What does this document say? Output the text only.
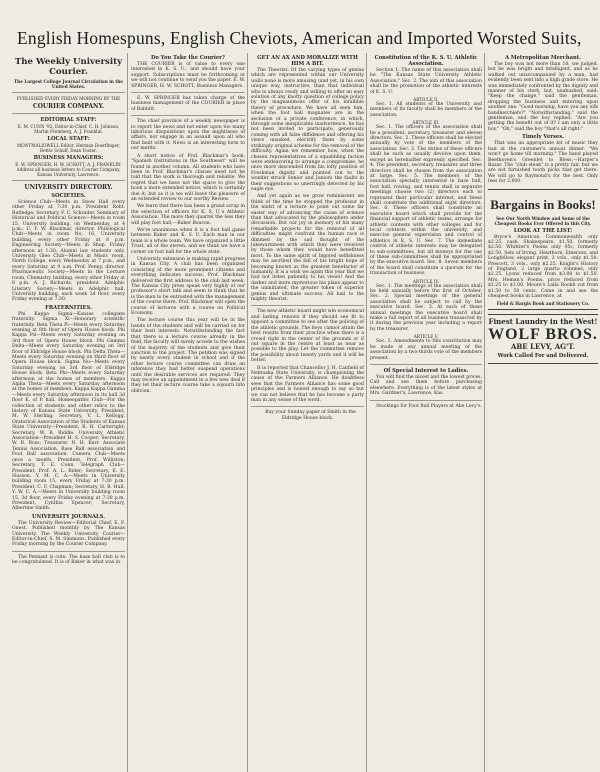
English Homespuns, English Cheviots, American and Imported Worsted Suits,
The Weekly University Courier.
The Largest College Journal Circulation in the United States.
PUBLISHED EVERY FRIDAY MORNING BY THE
COURIER COMPANY.
EDITORIAL STAFF:
E. M. CUNN '92, Editor-in-Chief. C. H. Johnson, Martin Fremberg, A. J. Franklin.
LOCAL STAFF:
MONTMALIOWELL Editor. Herman Doerflinger, Bettie Schuff, Dean Foster.
BUSINESS MANAGERS:
E. W. SPRINGER, H. W. SCHOTT, A. J. FRANKLIN.
Address all business letters to Courier Company, Kansas University, Lawrence.
UNIVERSITY DIRECTORY.
SOCIETIES.

Science Club—Meets in Snow Hall every other Friday at 7:30 p.m. President Robt. Rutledge; Secretary, F. C. Schrader. Seminary of Historical and Political Science—Meets in room 15, University building, on Wednesday, at 4 p.m.; C. F. W. Blackmar, director. Philological Club—Meets in room No. 16, University building, every other Friday at 8 p.m. Engineering Society—Meets in Shop. Friday afternoon at 1:30, Alumni law students only. University Glee Club—Meets in Music room, North College, every Wednesday at 7 p.m., and every Saturday at 9 a.m. Prof. Penny, director. Pharmaceutic Society—Meets in the Lecture room, Chemistry building, every other Friday at 8 p.m. A. J. Richards, president. Adelphic Literary Society—Meets in Adelphic hall, University building, each week 3d floor, every Friday evening at 7:30.

FRATERNITIES.

Phi Kappa Sigma—Kansas collegiate fraternity. Sigma Xi—Honorary scientific fraternity. Beta Theta Pi—Meets every Saturday evening at 8th floor of Opera House block. Phi Kappa Psi—Meets every Saturday evening on 3rd floor of Opera House block. Phi Gamma Delta—Meets every Saturday evening on 3rd floor of Eldridge House block. Phi Delta Theta—Meets every Saturday evening on third floor of Opera House block. Sigma Nu—Meets every Saturday evening on 3rd floor of Eldridge House block. Beta Phi—Meets every Saturday afternoon at the homes of members. Kappa Alpha Theta—Meets every Saturday afternoon at the homes of members. Kappa Kappa Gamma—Meets every Saturday afternoon in its hall 3d floor K. of P. hall. Homeopathic Club—For the collection of students and other relics to the history of Kansas State University. President, M. W. Sterling; Secretary, V. L. Kellogg. Oratorical Association of the Students of Kansas State University—President, R. H. Cartwright; Secretary, W. B. Biddle. University Athletic Association—President H. S. Cooper; Secretary, W. B. Ross; Treasurer, N. H. Kerr. Associate Tennis Association, Base Ball association and Foot Ball association. Camera Club—Meets once a month. President, Prof. Williston; Secretary, T. E. Conn. Telegraph Club—President, Prof. A. L. Rider; Secretary, E. E. Slosson. Y. M. C. A.—Meets in University building room 15, every Friday at 7:30 p.m. President, C. F. Chapman; Secretary, H. B. Hull. Y. W. C. A.—Meets in University building room 15, 3d floor, every Friday evening at 7:30 p.m. President, Cynthia Spencer; Secretary, Albertine Smith.

UNIVERSITY JOURNALS.

The University Review—Editorial Chief, E. F. Guest. Published monthly by The Kansas University. The Weekly University Courier—Editor-in-Chief, S. M. Simmons. Published every Friday morning by the Courier Company.

The Pennant is cute. The base ball club is to be congratulated. It is of Baker in what was in.

Do You Take the Courier?

THE COURIER is of value to every one interested in K. S. U., and should have your support. Subscriptions must be forthcoming or we will not continue to send you the paper. E. W. SPRINGER, H. W. SCHOTT, Business Managers.

E. W. SPRINGER has taken charge of the business management of the COURIER in place of Babbitt.

The chief province of a weekly newspaper is to report the news and not enter upon too many laborious disquisitions upon the mightiness of affairs, nor engage in an assault upon all who find fault with it. News is an interesting form to our merits.

A short notice of Prof. Blackmar's book, "Spanish Institutions in the Southwest" will be found in another column. All students who have been in Prof. Blackmar's classes need not be told that the work is thorough and reliable. We regret that we have not the space to give the book a more extended notice, which is certainly due it; but as it is we will leave the pleasure of an extended review to our worthy Review.

We learn that there has been a grand scrap in the selection of officers for K. S. U.'s Athletic Association. The more they quarrel the less they will play foot ball,—Baker Beacon.

We're unanimous when it is a foot ball game between Baker and K. S. U. Each man in our team is a whole team. We have organized a little Trust, all of the eleven, and we think we have a corner on foot ball for the whole state.

University extension is making rapid progress in Kansas City. A club has been organized consisting of the more prominent citizens and everything indicates success. Prof. Blackmar delivered the first address to the club last week. The Kansas City press speak very highly of our professor's short talk and seem to think that he is the man to be entrusted with the management of the course there. Prof. Blackmar will open the course of lectures with a course on Political Economy.

The lecture course this year will be in the hands of the students and will be carried on for their best interests. Notwithstanding the fact that there is a lecture course already in the field, the faculty will surely accede to the wishes of the majority of the students and give their sanction to the project. The petition was signed by nearly every student in school and if the other lecture course committee can draw an inference they had better suspend operations until the desirable services are required. They may receive an appointment in a few new deal if they let their lecture course take a sojourn into oblivion.

GET AN AX AND MORALIZE WITH HIM A BIT.

The Theorist: Of the varying types of genius which are represented within our University walls none is more amusing (and yet, in his own unique way, instructive, than that individual who is always ready and willing to offer an easy solution of any knotty question of college policy by the magnanimous offer of his infallible theory of procedure. We have all seen him, when the foot ball magnates are in the seclusion of a private conference, in which, through some inexplicable inadvertence, he has not been invited to participate, generously coming with all false diffidence and offering his views unasked, electrify them by some strikingly original scheme for the removal of the difficulty. Again we remember how, when the chosen representatives of a squabbling faction were endeavoring to arrange a compromise, he once more descended from his lofty position of Freshman dignity and pointed out to the wonder struck Senior and Juniors the faults in their suggestions so unerringly detected by his eagle eye.

And yet again as we grow reminiscent we think of the time he stopped the professor in the midst of a lecture to point out some far easier way of advancing the cause of science than that advocated by the philosophers under discussion. But our joy in memory of his many remarkable projects for the removal of all difficulties might confront the human race is dimmed by the sad thought of the lukewarmness with which they were received by those whom they would have benefitted most. To the same spirit of bigoted selfishness may be ascribed the fall of his bright hope of becoming known as the greatest benefactor of humanity. It is a wish we again this year that we had not listen patiently to his views! And the darker and more mysterious his plans appear to the uninitiated, the greater token of superior genius and ultimate success. All hail to the mighty theorist.

The new athletic board might win economical and lasting renown if they should see fit to appoint a committee to see after the policing of the athletic grounds. The boys cannot attain the best results from their practice when there is a crowd right in the center of the grounds or if out square in the centre at least as near as possible to the play. Let the committee remove the possibility about twenty yards and it will be better.

It is reported that Chancellor J. H. Canfield of Nebraska State University, is championing the cause of the Farmers Alliance. He doubtless sees that the Farmers Alliance has some good principles and is honest enough to say so but we can not believe that he has become a party man in any sense of the word.

Buy your Sunday paper of Smith in the Eldridge House block.

Constitution of the K. S. U. Athletic Association.

Section 1. The name of this association shall be "The Kansas State University Athletic Association." Sec. 2. The aim of this association shall be the promotion of the athletic interests of K. S. U.

ARTICLE II.

Sec. 1. All students of the University and members of its faculty shall be members of the association.

ARTICLE III.

Sec. 1. The officers of the association shall be a president, secretary, treasurer and eleven directors. Sec. 2. These officers shall be elected annually by vote of the members of the association. Sec. 3. The duties of these officers shall be such as usually devolve upon them, except as hereinafter expressly specified. Sec. 4. The president, secretary, treasurer and three directors shall be chosen from the association at large. Sec. 5. The members of the association specially interested in base ball, foot ball, rowing, and tennis shall in separate meetings choose two (2) directors each to represent their particular interest, and these shall constitute the additional eight directors. Sec. 6. These officers shall constitute an executive board which shall provide for the financial support of athletic teams, arrange for athletic contests with other colleges and for local contests within the university, and exercise general supervision and control of athletics in K. S. U. Sec. 7. The immediate control of athletic interests may be delegated to sub-committees, but all moneys for the use of these sub-committees shall be appropriated by the executive board. Sec. 8. Seven members of the board shall constitute a quorum for the transaction of business.

ARTICLE IV.

Sec. 1. The meetings of the association shall be held annually before the first of October. Sec. 2. Special meetings of the general association shall be subject to call by the executive board. Sec. 3. At each of these annual meetings the executive board shall make a full report of all business transacted by it during the previous year including a report by the treasurer.

ARTICLE V.

Sec. 1. Amendments to this constitution may be made at any annual meeting of the association by a two-thirds vote of the members present.

Of Special Interest to Ladies.

You will find the nicest and the lowest prices. Call and see them before purchasing elsewhere. Everything is of the latest styles at Mrs. Gardner's, Lawrence, Kas.

Stockings for Foot Ball Players at Abe Levy's.

A Metropolitan Merchant.

The boy was not more than 10, we judged, but he was bright and intelligent, and as he walked out unaccompanied by a man, had evidently been sent into a high grade store. He was immediately confronted by the dignity and manner of his clerk, but, unabashed, said: "Keep the change," said the gentleman, dropping the business and entering upon another one. "Good morning, have you any silk handkerchiefs?" "Notwithstanding," said the gentleman, and the boy replied: "Are you getting the benefit out of it? I am only a little boy." "Oh," said the boy "that's all right."

Timely Verses.

That was an appropriate bit of music they had at the customer's annual dinner. "We won't go home till morning." The band played Beethoven's Greenlet to Bless.—Harper's Bazar. The "club steak" is a pretty fair, but we are not furnished tooth picks that get there. We will go to Raymond's for the best. Only fees for 2,600.

Bargains in Books!
See Our North Window and Some of the Cheapest Books Ever Offered in this City.
LOOK AT THE LIST:

Bryce's American Commonwealth only $2.25, cash. Shakespeare, $1.50, formerly $2.50. Whittier's Poems only 95c, formerly $2.50. Sets of Irving, Hawthorn, Emerson, and Longfellow, elegant print, 2 vols., only $1.50. Prescott, 3 vols., only $2.25. Knight's History of England, 2 large quarto volumes, only $2.25. Lyons reduced from $3.00 to $1.50. Mrs. Heman's Poems, price reduced from $2.25 to $1.00. Moore's Lalla Rookh cut from $1.50 to 50 cents. Come in and see the cheapest books in Lawrence, at

Field & Hargis Book and Stationery Co.
Finest Laundry in the West!
WOLF BROS.
ABE LEVY, AG'T.
Work Called For and Delivered.
